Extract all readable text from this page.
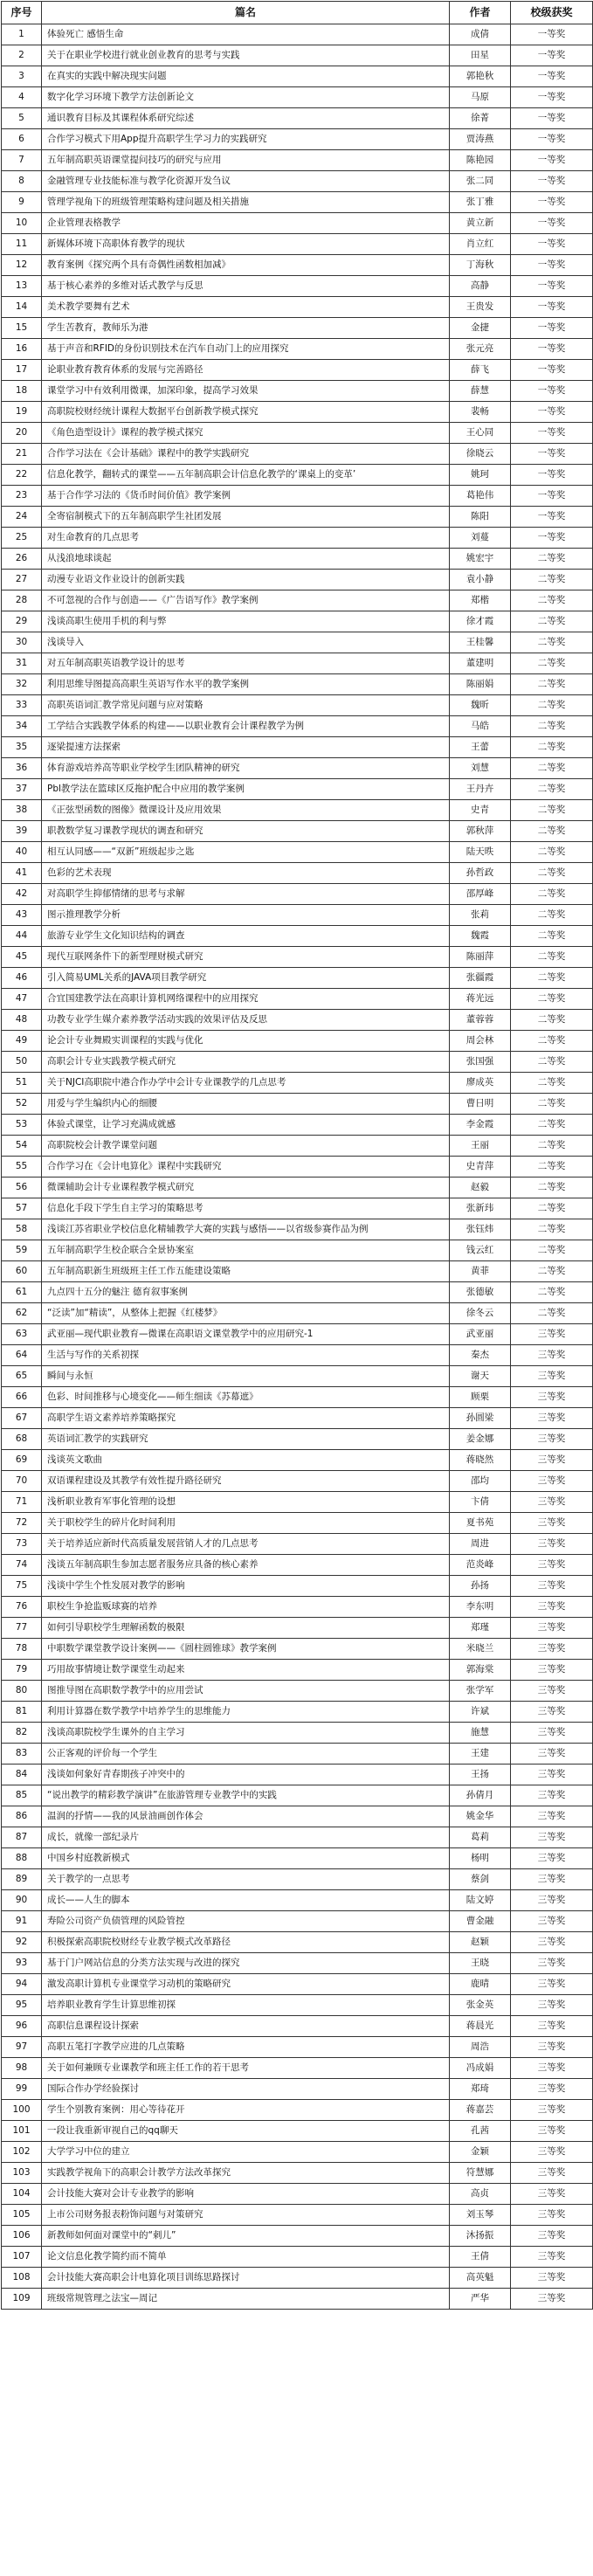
序号	篇名	作者	校级获奖
1	体验死亡 感悟生命	成倩	一等奖
2	关于在职业学校进行就业创业教育的思考与实践	田星	一等奖
3	在真实的实践中解决现实问题	郭艳秋	一等奖
4	数字化学习环境下教学方法创新论文	马原	一等奖
5	通识教育目标及其课程体系研究综述	徐菁	一等奖
6	合作学习模式下用App提升高职学生学习力的实践研究	贾涛燕	一等奖
7	五年制高职英语课堂提问技巧的研究与应用	陈艳园	一等奖
8	金融管理专业技能标准与教学化资源开发刍议	张二同	一等奖
9	管理学视角下的班级管理策略构建问题及相关措施	张丁雅	一等奖
10	企业管理表格教学	黄立新	一等奖
11	新媒体环境下高职体育教学的现状	肖立红	一等奖
12	教育案例《探究两个具有奇偶性函数相加减》	丁海秋	一等奖
13	基于核心素养的多维对话式教学与反思	高静	一等奖
14	美术教学要舞有艺术	王贵发	一等奖
15	学生苦教育，教师乐为港	金捷	一等奖
16	基于声音和RFID的身份识别技术在汽车自动门上的应用探究	张元亮	一等奖
17	论职业教育教育体系的发展与完善路径	薛飞	一等奖
18	课堂学习中有效利用微课，加深印象，提高学习效果	薛慧	一等奖
19	高职院校财经统计课程大数据平台创新教学模式探究	裴畅	一等奖
20	《角色造型设计》课程的教学模式探究	王心同	一等奖
21	合作学习法在《会计基础》课程中的教学实践研究	徐晓云	一等奖
22	信息化教学，翻转式的课堂——五年制高职会计信息化教学的‘课桌上的变革’	姚珂	一等奖
23	基于合作学习法的《货币时间价值》教学案例	葛艳伟	一等奖
24	全寄宿制模式下的五年制高职学生社团发展	陈阳	一等奖
25	对生命教育的几点思考	刘蔓	一等奖
26	从浅浪地球谈起	姚宏宇	二等奖
27	动漫专业语文作业设计的创新实践	袁小静	二等奖
28	不可忽视的合作与创造——《广告语写作》教学案例	郑楷	二等奖
29	浅谈高职生使用手机的利与弊	徐才霞	二等奖
30	浅谈导入	王桂馨	二等奖
31	对五年制高职英语教学设计的思考	董建明	二等奖
32	利用思维导图提高高职生英语写作水平的教学案例	陈丽娟	二等奖
33	高职英语词汇教学常见问题与应对策略	魏昕	二等奖
34	工学结合实践教学体系的构建——以职业教育会计课程教学为例	马皓	二等奖
35	逐梁提速方法探索	王蕾	二等奖
36	体育游戏培养高等职业学校学生团队精神的研究	刘慧	二等奖
37	Pbl教学法在篮球区反拖护配合中应用的教学案例	王丹卉	二等奖
38	《正弦型函数的图像》微课设计及应用效果	史青	二等奖
39	职教数学复习课教学现状的调查和研究	郭秋萍	二等奖
40	相互认同感——“双新”班级起步之匙	陆天昳	二等奖
41	色彩的艺术表现	孙哲政	二等奖
42	对高职学生抑郁情绪的思考与求解	邵厚峰	二等奖
43	图示推理教学分析	张莉	二等奖
44	旅游专业学生文化知识结构的调查	魏霞	二等奖
45	现代互联网条件下的新型理财模式研究	陈丽萍	二等奖
46	引入简易UML关系的JAVA项目教学研究	张疆霞	二等奖
47	合宜国建教学法在高职计算机网络课程中的应用探究	蒋光远	二等奖
48	功教专业学生媒介素养教学活动实践的效果评估及反思	董蓉蓉	二等奖
49	论会计专业舞殿实训课程的实践与优化	周会林	二等奖
50	高职会计专业实践教学模式研究	张国强	二等奖
51	关于NJCI高职院中港合作办学中会计专业课教学的几点思考	廖成英	二等奖
52	用爱与学生编织内心的细腰	曹日明	二等奖
53	体验式课堂，让学习充满成就感	李金霞	二等奖
54	高职院校会计教学课堂问题	王丽	二等奖
55	合作学习在《会计电算化》课程中实践研究	史青萍	二等奖
56	微课辅助会计专业课程教学模式研究	赵毅	二等奖
57	信息化手段下学生自主学习的策略思考	张新玮	二等奖
58	浅谈江苏省职业学校信息化精辅教学大赛的实践与感悟——以省级参赛作品为例	张钰炜	二等奖
59	五年制高职学生校企联合全景协案室	钱云红	二等奖
60	五年制高职新生班级班主任工作五能建设策略	黄菲	二等奖
61	九点四十五分的魅注 德育叙事案例	张德敏	二等奖
62	“泛读”加“精读”，从整体上把握《红楼梦》	徐冬云	二等奖
63	武亚丽—现代职业教育—微课在高职语文课堂教学中的应用研究-1	武亚丽	三等奖
64	生活与写作的关系初探	秦杰	三等奖
65	瞬间与永恒	谢天	三等奖
66	色彩、时间推移与心境变化——师生细读《苏幕遮》	顾栗	三等奖
67	高职学生语文素养培养策略探究	孙圆梁	三等奖
68	英语词汇教学的实践研究	姜金娜	三等奖
69	浅谈英文歌曲	蒋晓然	三等奖
70	双语课程建设及其教学有效性提升路径研究	邵均	三等奖
71	浅析职业教育军事化管理的设想	卞倩	三等奖
72	关于职校学生的碎片化时间利用	夏书苑	三等奖
73	关于培养适应新时代高质量发展营销人才的几点思考	周进	三等奖
74	浅谈五年制高职生参加志愿者服务应具备的核心素养	范炎峰	三等奖
75	浅谈中学生个性发展对教学的影响	孙扬	三等奖
76	职校生争抢监贩球赛的培养	李东明	三等奖
77	如何引导职校学生理解函数的极限	郑瑾	三等奖
78	中职数学课堂教学设计案例——《圆柱圆锥球》教学案例	米晓兰	三等奖
79	巧用故事情境让数学课堂生动起来	郭海棠	三等奖
80	图推导图在高职数学教学中的应用尝试	张学军	三等奖
81	利用计算器在数学教学中培养学生的思维能力	许斌	三等奖
82	浅谈高职院校学生课外的自主学习	施慧	三等奖
83	公正客观的评价每一个学生	王建	三等奖
84	浅谈如何象好青春期孩子冲突中的	王扬	三等奖
85	“说出教学的精彩教学演讲”在旅游管理专业教学中的实践	孙倩月	三等奖
86	温润的抒情——我的风景油画创作体会	姚金华	三等奖
87	成长，就像一部纪录片	葛莉	三等奖
88	中国乡村庭教新模式	杨明	三等奖
89	关于教学的一点思考	蔡剑	三等奖
90	成长——人生的脚本	陆文婷	三等奖
91	寿险公司资产负债管理的风险管控	曹金融	三等奖
92	积极探索高职院校财经专业教学模式改革路径	赵颖	三等奖
93	基于门户网站信息的分类方法实现与改进的探究	王晓	三等奖
94	激发高职计算机专业课堂学习动机的策略研究	鹿晴	三等奖
95	培养职业教育学生计算思维初探	张金英	三等奖
96	高职信息课程设计探索	蒋晨光	三等奖
97	高职五笔打字教学应进的几点策略	周浩	三等奖
98	关于如何兼顾专业课教学和班主任工作的若干思考	冯成娟	三等奖
99	国际合作办学经验探讨	郑琦	三等奖
100	学生个别教育案例：用心等待花开	蒋嘉芸	三等奖
101	一段让我重新审视自己的qq聊天	孔茜	三等奖
102	大学学习中位的建立	金颖	三等奖
103	实践教学视角下的高职会计教学方法改革探究	符慧娜	三等奖
104	会计技能大赛对会计专业教学的影响	高贞	三等奖
105	上市公司财务报表粉饰问题与对策研究	刘玉琴	三等奖
106	新教师如何面对课堂中的“刺儿”	沐扬振	三等奖
107	论文信息化教学简约而不简单	王倩	三等奖
108	会计技能大赛高职会计电算化项目训练思路探讨	高英魁	三等奖
109	班级常规管理之法宝—周记	严华	三等奖
